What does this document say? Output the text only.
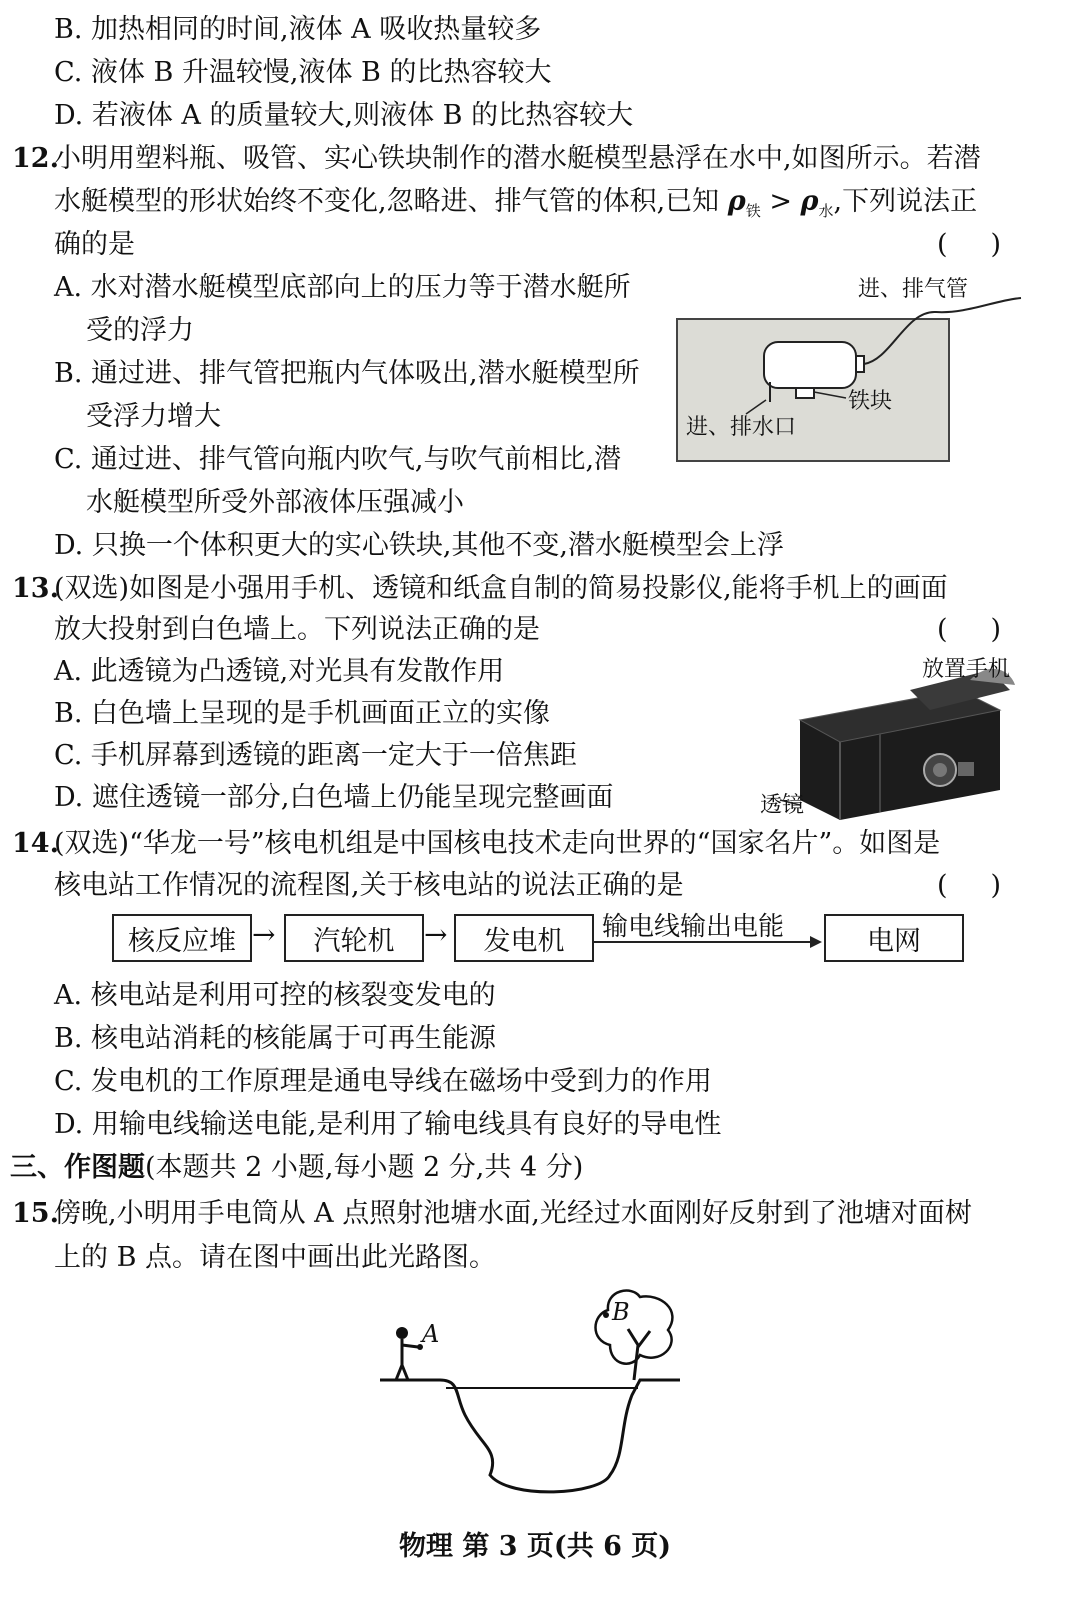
B. 加热相同的时间,液体 A 吸收热量较多
C. 液体 B 升温较慢,液体 B 的比热容较大
D. 若液体 A 的质量较大,则液体 B 的比热容较大
12.
小明用塑料瓶、吸管、实心铁块制作的潜水艇模型悬浮在水中,如图所示。若潜
水艇模型的形状始终不变化,忽略进、排气管的体积,已知 $\rho_铁 > \rho_水$,下列说法正
确的是	(     )
A. 水对潜水艇模型底部向上的压力等于潜水艇所
受的浮力
B. 通过进、排气管把瓶内气体吸出,潜水艇模型所
受浮力增大
C. 通过进、排气管向瓶内吹气,与吹气前相比,潜
水艇模型所受外部液体压强减小
D. 只换一个体积更大的实心铁块,其他不变,潜水艇模型会上浮
进、排气管
铁块
进、排水口
13.
(双选)如图是小强用手机、透镜和纸盒自制的简易投影仪,能将手机上的画面
放大投射到白色墙上。下列说法正确的是	(     )
A. 此透镜为凸透镜,对光具有发散作用
B. 白色墙上呈现的是手机画面正立的实像
C. 手机屏幕到透镜的距离一定大于一倍焦距
D. 遮住透镜一部分,白色墙上仍能呈现完整画面
放置手机
透镜
14.
(双选)“华龙一号”核电机组是中国核电技术走向世界的“国家名片”。如图是
核电站工作情况的流程图,关于核电站的说法正确的是	(     )
核反应堆 →	汽轮机	→	发电机	输电线输出电能	电网
A. 核电站是利用可控的核裂变发电的
B. 核电站消耗的核能属于可再生能源
C. 发电机的工作原理是通电导线在磁场中受到力的作用
D. 用输电线输送电能,是利用了输电线具有良好的导电性
三、作图题(本题共 2 小题,每小题 2 分,共 4 分)
15.
傍晚,小明用手电筒从 A 点照射池塘水面,光经过水面刚好反射到了池塘对面树
上的 B 点。请在图中画出此光路图。
A
B
物理 第 3 页(共 6 页)
